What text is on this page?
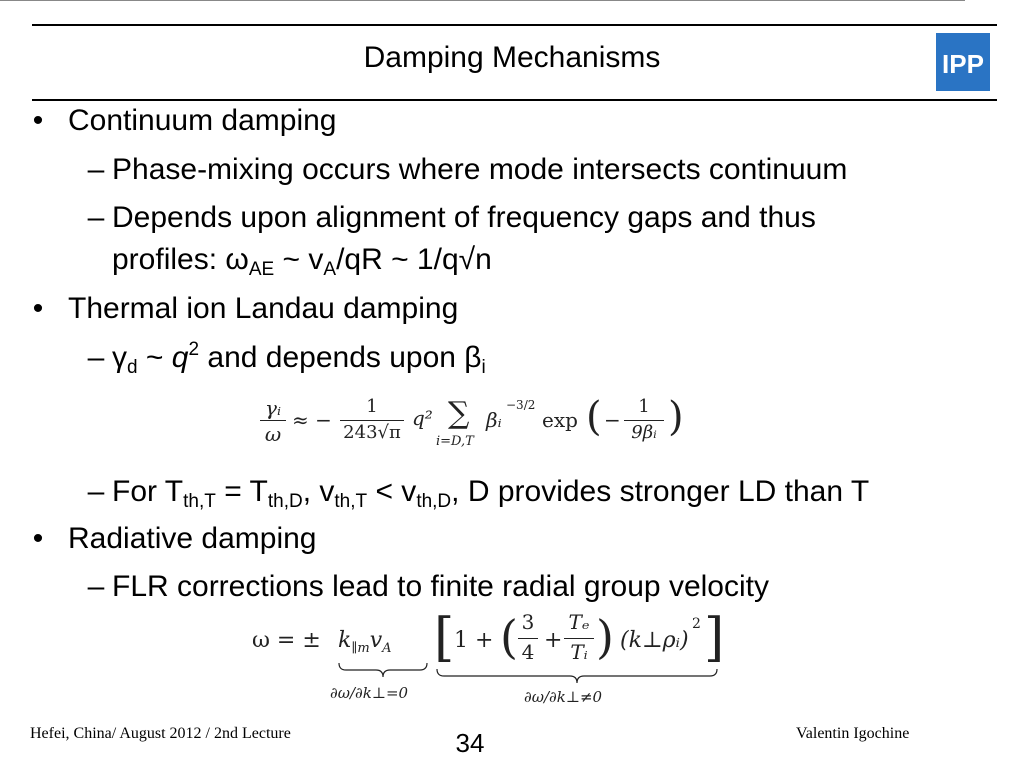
Damping Mechanisms	IPP
• Continuum damping
– Phase-mixing occurs where mode intersects continuum
– Depends upon alignment of frequency gaps and thus
profiles: $\omega_{AE}$ ~ $v_A/qR$ ~ 1/q√n
• Thermal ion Landau damping
– $\gamma_d$ ~ $q^2$ and depends upon $\beta_i$
γᵢ
ω
≈ −
1
243√π
q² ∑
i=D,T
βᵢ
−3/2
exp ( −
1
9βᵢ )
– For $T_{th,T} = T_{th,D}$, $v_{th,T} < v_{th,D}$, D provides stronger LD than T
• Radiative damping
– FLR corrections lead to finite radial group velocity
ω = ± $k_{\parallel m}v_A$
∂ω/∂k⊥=0
[ 1 + ( 3
4 +
Tₑ
Tᵢ ) (k⊥ρᵢ)
2 ]
∂ω/∂k⊥≠0
Hefei, China/ August 2012 / 2nd Lecture	34	Valentin Igochine
